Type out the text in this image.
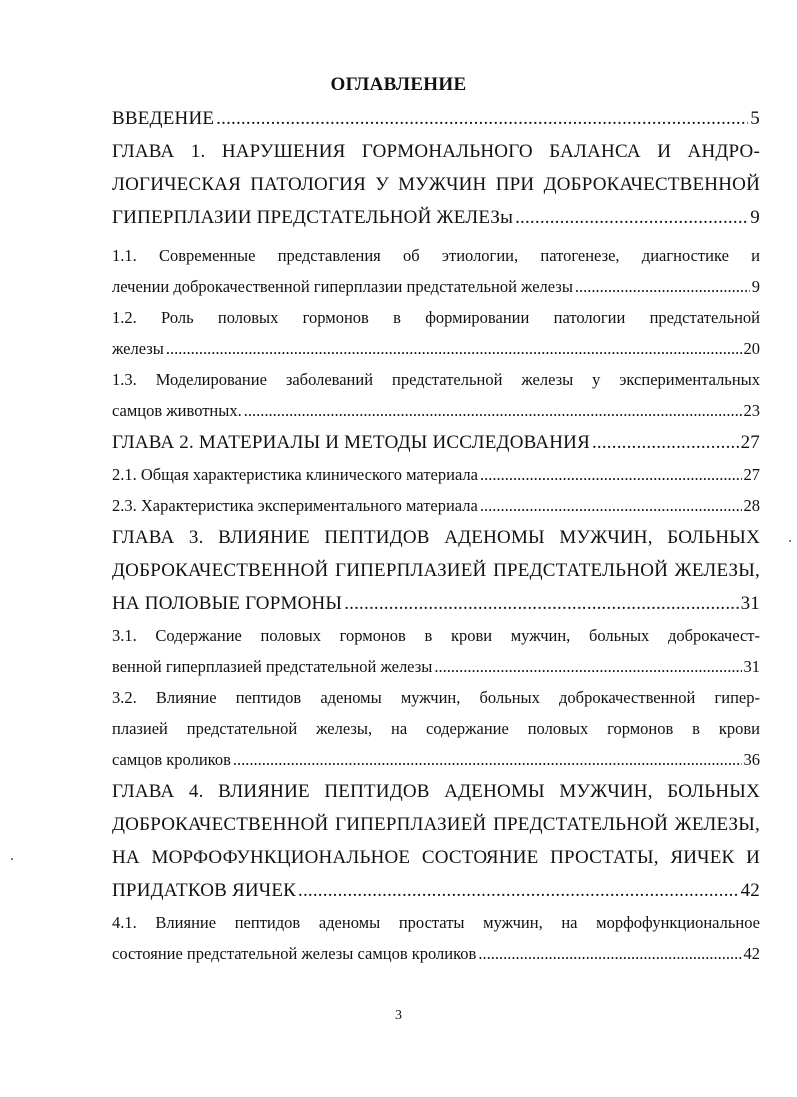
ОГЛАВЛЕНИЕ
ВВЕДЕНИЕ .....	5
ГЛАВА 1. НАРУШЕНИЯ ГОРМОНАЛЬНОГО БАЛАНСА И АНДРО-
ЛОГИЧЕСКАЯ ПАТОЛОГИЯ У МУЖЧИН ПРИ ДОБРОКАЧЕСТВЕННОЙ
ГИПЕРПЛАЗИИ ПРЕДСТАТЕЛЬНОЙ ЖЕЛЕЗы .....	9
1.1. Современные представления об этиологии, патогенезе, диагностике и
лечении доброкачественной гиперплазии предстательной железы .....	9
1.2. Роль половых гормонов в формировании патологии предстательной
железы .....	20
1.3. Моделирование заболеваний предстательной железы у экспериментальных
самцов животных. .....	23
ГЛАВА 2. МАТЕРИАЛЫ И МЕТОДЫ ИССЛЕДОВАНИЯ .....	27
2.1. Общая характеристика клинического материала .....	27
2.3. Характеристика экспериментального материала .....	28
ГЛАВА 3. ВЛИЯНИЕ ПЕПТИДОВ АДЕНОМЫ МУЖЧИН, БОЛЬНЫХ
ДОБРОКАЧЕСТВЕННОЙ ГИПЕРПЛАЗИЕЙ ПРЕДСТАТЕЛЬНОЙ ЖЕЛЕЗЫ,
НА ПОЛОВЫЕ ГОРМОНЫ .....	31
3.1. Содержание половых гормонов в крови мужчин, больных доброкачест-
венной гиперплазией предстательной железы .....	31
3.2. Влияние пептидов аденомы мужчин, больных доброкачественной гипер-
плазией предстательной железы, на содержание половых гормонов в крови
самцов кроликов .....	36
ГЛАВА 4. ВЛИЯНИЕ ПЕПТИДОВ АДЕНОМЫ МУЖЧИН, БОЛЬНЫХ
ДОБРОКАЧЕСТВЕННОЙ ГИПЕРПЛАЗИЕЙ ПРЕДСТАТЕЛЬНОЙ ЖЕЛЕЗЫ,
НА МОРФОФУНКЦИОНАЛЬНОЕ СОСТОЯНИЕ ПРОСТАТЫ, ЯИЧЕК И
ПРИДАТКОВ ЯИЧЕК .....	42
4.1. Влияние пептидов аденомы простаты мужчин, на морфофункциональное
состояние предстательной железы самцов кроликов .....	42
3
